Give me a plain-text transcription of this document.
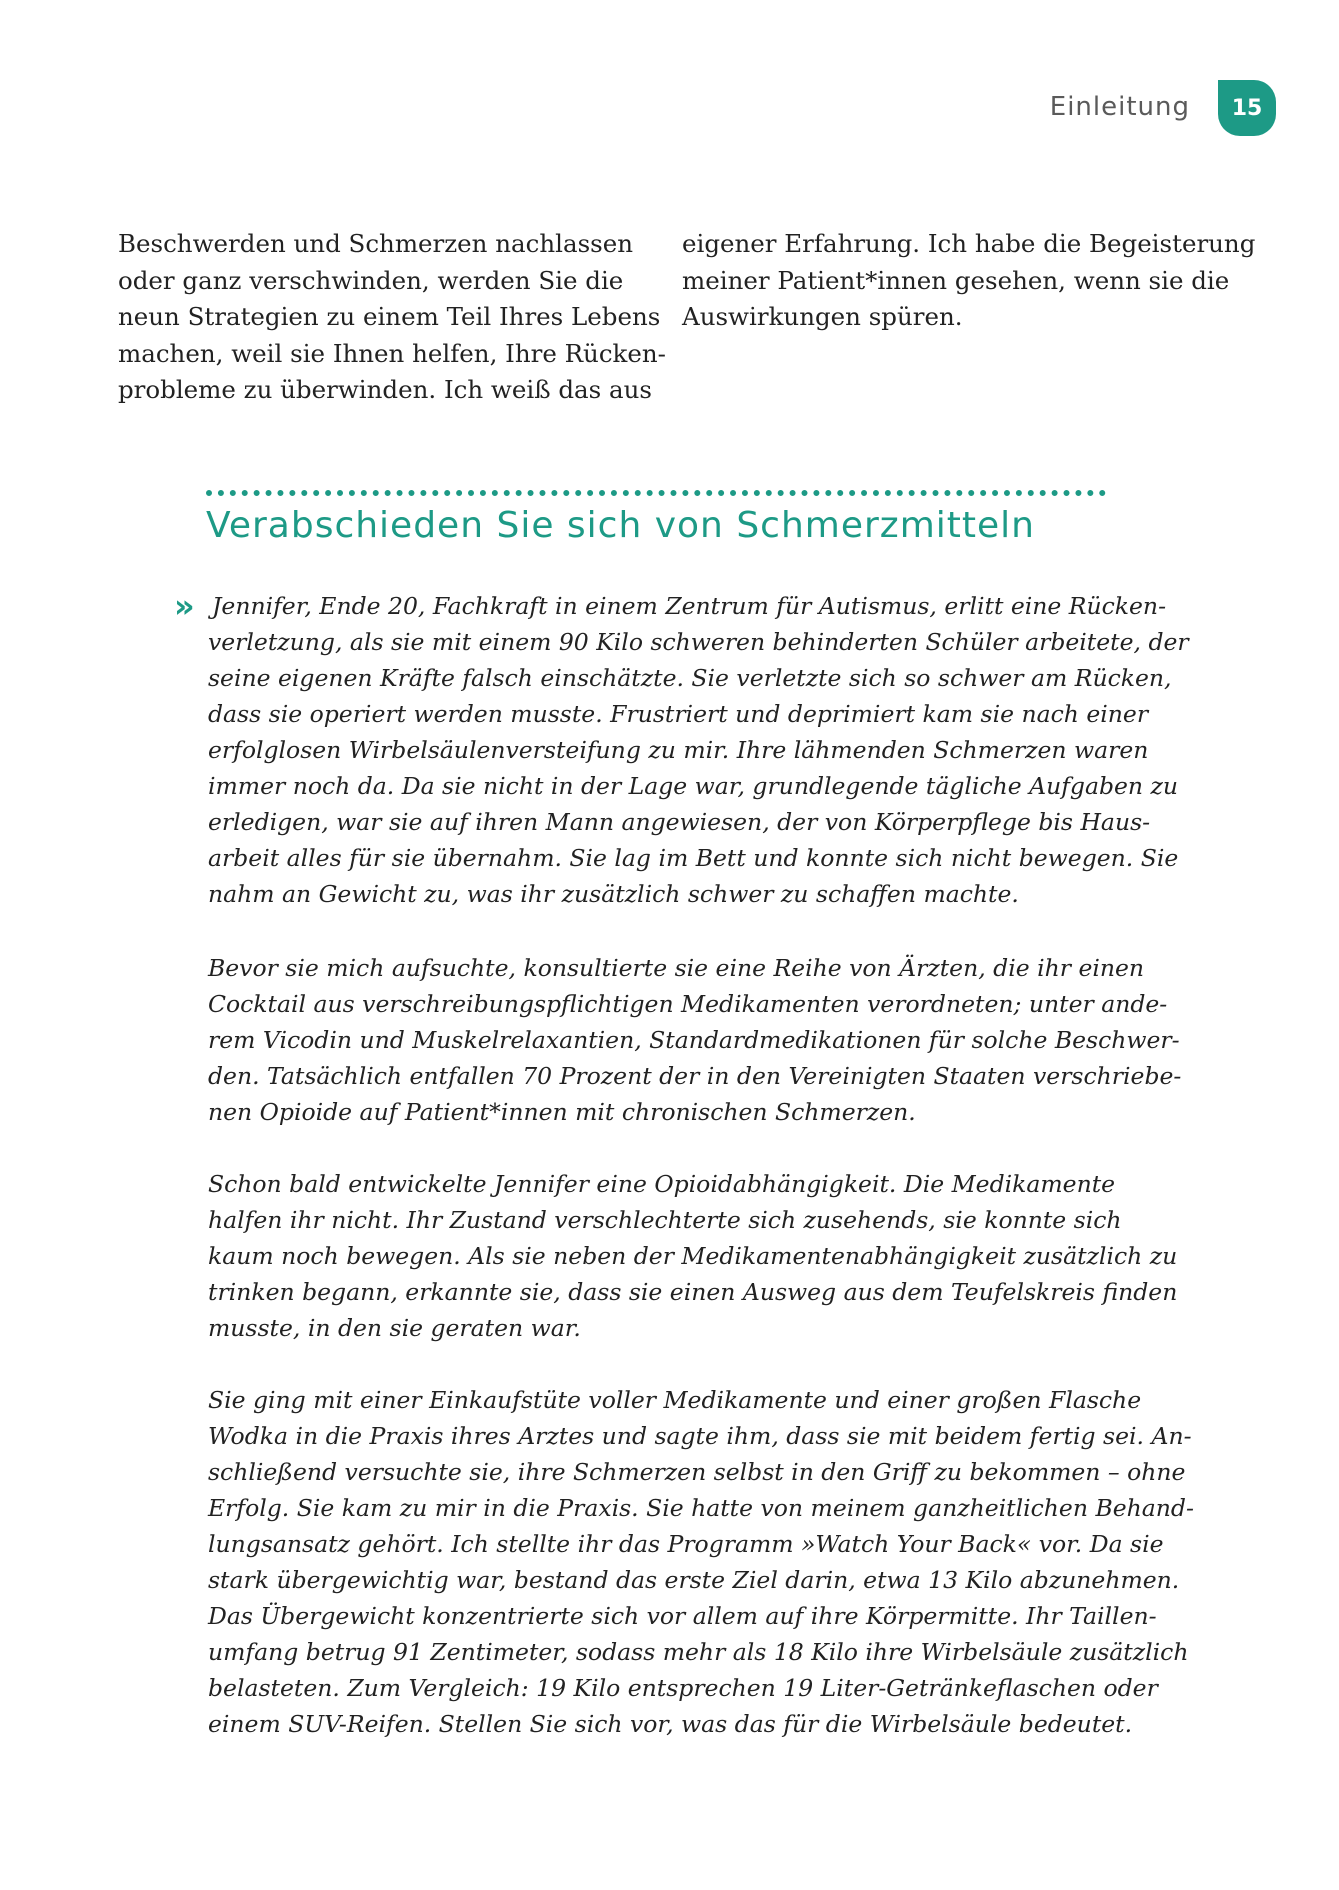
Einleitung	15
Beschwerden und Schmerzen nachlassen
oder ganz verschwinden, werden Sie die
neun Strategien zu einem Teil Ihres Lebens
machen, weil sie Ihnen helfen, Ihre Rücken-
probleme zu überwinden. Ich weiß das aus
eigener Erfahrung. Ich habe die Begeisterung
meiner Patient*innen gesehen, wenn sie die
Auswirkungen spüren.
Verabschieden Sie sich von Schmerzmitteln
» Jennifer, Ende 20, Fachkraft in einem Zentrum für Autismus, erlitt eine Rücken-
verletzung, als sie mit einem 90 Kilo schweren behinderten Schüler arbeitete, der
seine eigenen Kräfte falsch einschätzte. Sie verletzte sich so schwer am Rücken,
dass sie operiert werden musste. Frustriert und deprimiert kam sie nach einer
erfolglosen Wirbelsäulenversteifung zu mir. Ihre lähmenden Schmerzen waren
immer noch da. Da sie nicht in der Lage war, grundlegende tägliche Aufgaben zu
erledigen, war sie auf ihren Mann angewiesen, der von Körperpflege bis Haus-
arbeit alles für sie übernahm. Sie lag im Bett und konnte sich nicht bewegen. Sie
nahm an Gewicht zu, was ihr zusätzlich schwer zu schaffen machte.
Bevor sie mich aufsuchte, konsultierte sie eine Reihe von Ärzten, die ihr einen
Cocktail aus verschreibungspflichtigen Medikamenten verordneten; unter ande-
rem Vicodin und Muskelrelaxantien, Standardmedikationen für solche Beschwer-
den. Tatsächlich entfallen 70 Prozent der in den Vereinigten Staaten verschriebe-
nen Opioide auf Patient*innen mit chronischen Schmerzen.
Schon bald entwickelte Jennifer eine Opioidabhängigkeit. Die Medikamente
halfen ihr nicht. Ihr Zustand verschlechterte sich zusehends, sie konnte sich
kaum noch bewegen. Als sie neben der Medikamentenabhängigkeit zusätzlich zu
trinken begann, erkannte sie, dass sie einen Ausweg aus dem Teufelskreis finden
musste, in den sie geraten war.
Sie ging mit einer Einkaufstüte voller Medikamente und einer großen Flasche
Wodka in die Praxis ihres Arztes und sagte ihm, dass sie mit beidem fertig sei. An-
schließend versuchte sie, ihre Schmerzen selbst in den Griff zu bekommen – ohne
Erfolg. Sie kam zu mir in die Praxis. Sie hatte von meinem ganzheitlichen Behand-
lungsansatz gehört. Ich stellte ihr das Programm »Watch Your Back« vor. Da sie
stark übergewichtig war, bestand das erste Ziel darin, etwa 13 Kilo abzunehmen.
Das Übergewicht konzentrierte sich vor allem auf ihre Körpermitte. Ihr Taillen-
umfang betrug 91 Zentimeter, sodass mehr als 18 Kilo ihre Wirbelsäule zusätzlich
belasteten. Zum Vergleich: 19 Kilo entsprechen 19 Liter-Getränkeflaschen oder
einem SUV-Reifen. Stellen Sie sich vor, was das für die Wirbelsäule bedeutet.
